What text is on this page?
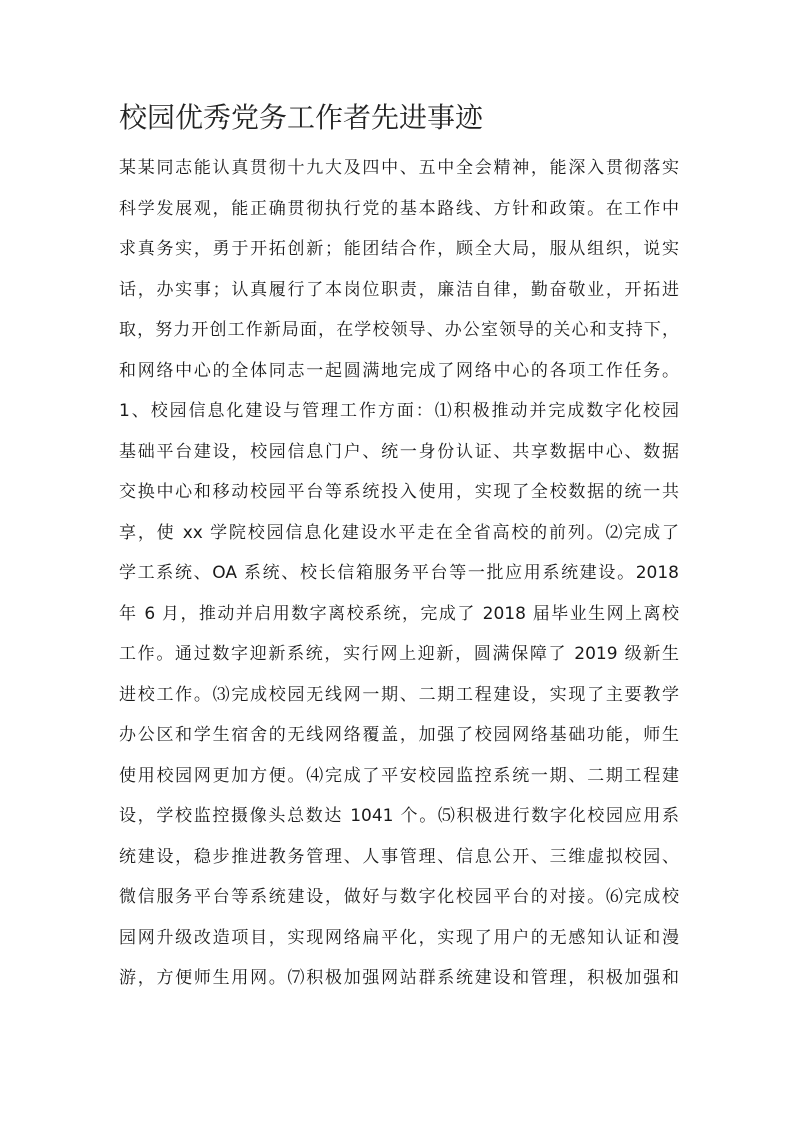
校园优秀党务工作者先进事迹
某某同志能认真贯彻十九大及四中、五中全会精神，能深入贯彻落实
科学发展观，能正确贯彻执行党的基本路线、方针和政策。在工作中
求真务实，勇于开拓创新；能团结合作，顾全大局，服从组织，说实
话，办实事；认真履行了本岗位职责，廉洁自律，勤奋敬业，开拓进
取，努力开创工作新局面，在学校领导、办公室领导的关心和支持下，
和网络中心的全体同志一起圆满地完成了网络中心的各项工作任务。
1、校园信息化建设与管理工作方面：⑴积极推动并完成数字化校园
基础平台建设，校园信息门户、统一身份认证、共享数据中心、数据
交换中心和移动校园平台等系统投入使用，实现了全校数据的统一共
享，使 xx 学院校园信息化建设水平走在全省高校的前列。⑵完成了
学工系统、OA 系统、校长信箱服务平台等一批应用系统建设。2018
年 6 月，推动并启用数字离校系统，完成了 2018 届毕业生网上离校
工作。通过数字迎新系统，实行网上迎新，圆满保障了 2019 级新生
进校工作。⑶完成校园无线网一期、二期工程建设，实现了主要教学
办公区和学生宿舍的无线网络覆盖，加强了校园网络基础功能，师生
使用校园网更加方便。⑷完成了平安校园监控系统一期、二期工程建
设，学校监控摄像头总数达 1041 个。⑸积极进行数字化校园应用系
统建设，稳步推进教务管理、人事管理、信息公开、三维虚拟校园、
微信服务平台等系统建设，做好与数字化校园平台的对接。⑹完成校
园网升级改造项目，实现网络扁平化，实现了用户的无感知认证和漫
游，方便师生用网。⑺积极加强网站群系统建设和管理，积极加强和
